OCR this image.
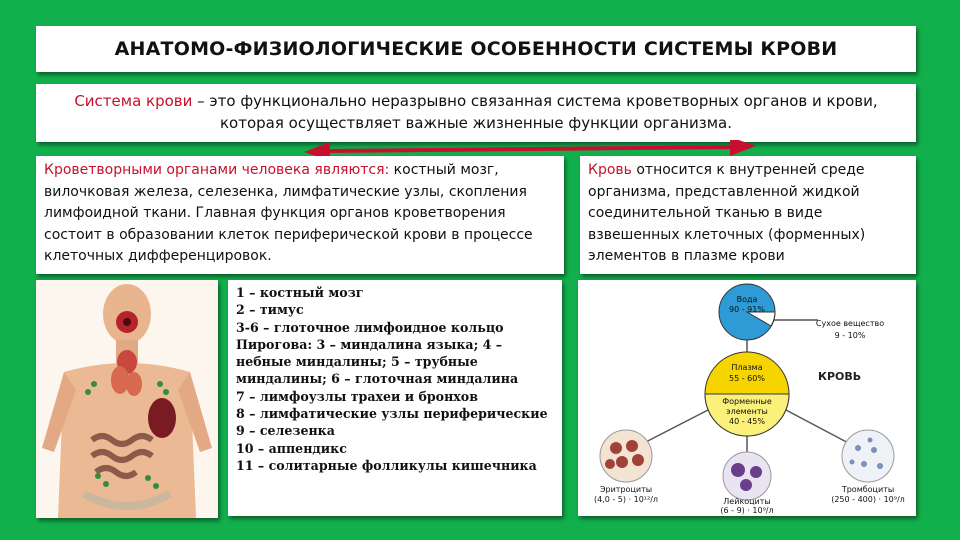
АНАТОМО-ФИЗИОЛОГИЧЕСКИЕ ОСОБЕННОСТИ СИСТЕМЫ КРОВИ
Система крови – это функционально неразрывно связанная система кроветворных органов и крови, которая осуществляет важные жизненные функции организма.
Кроветворными органами человека являются: костный мозг, вилочковая железа, селезенка, лимфатические узлы, скопления лимфоидной ткани. Главная функция органов кроветворения состоит в образовании клеток периферической крови в процессе клеточных дифференцировок.
Кровь относится к внутренней среде организма, представленной жидкой соединительной тканью в виде взвешенных клеточных (форменных) элементов в плазме крови
1 – костный мозг
2 – тимус
3-6 – глоточное лимфоидное кольцо Пирогова: 3 – миндалина языка; 4 – небные миндалины; 5 – трубные миндалины; 6 – глоточная миндалина
7 – лимфоузлы трахеи и бронхов
8 – лимфатические узлы периферические
9 – селезенка
10 – аппендикс
11 – солитарные фолликулы кишечника
Вода
90 - 91%
Сухое вещество
9 - 10%
Плазма
55 - 60%
Форменные
элементы
40 - 45%
КРОВЬ
Эритроциты
(4,0 - 5) · 10¹²/л	Лейкоциты
(6 - 9) · 10⁹/л
Тромбоциты
(250 - 400) · 10⁹/л
